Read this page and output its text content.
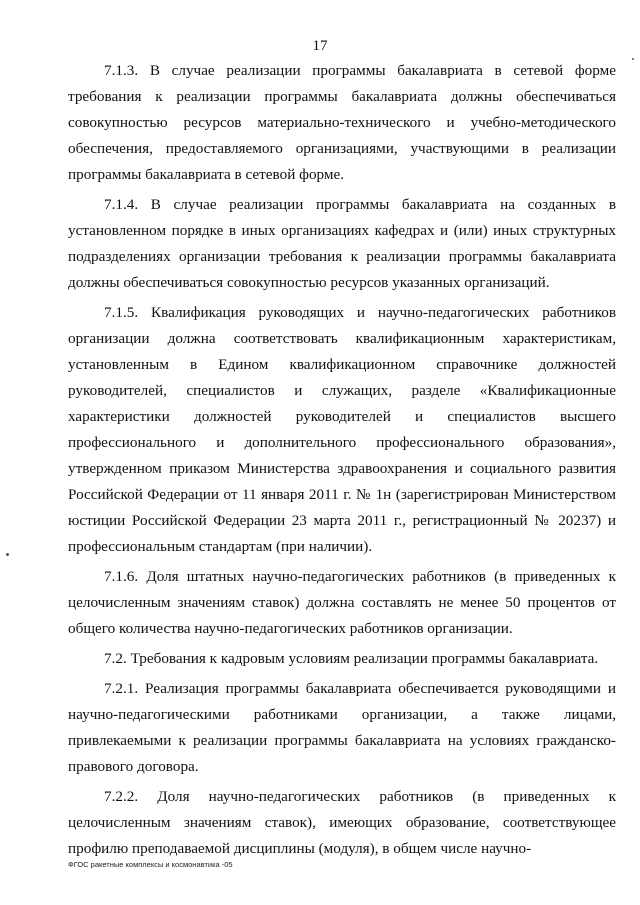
17

7.1.3. В случае реализации программы бакалавриата в сетевой форме требования к реализации программы бакалавриата должны обеспечиваться совокупностью ресурсов материально-технического и учебно-методического обеспечения, предоставляемого организациями, участвующими в реализации программы бакалавриата в сетевой форме.

7.1.4. В случае реализации программы бакалавриата на созданных в установленном порядке в иных организациях кафедрах и (или) иных структурных подразделениях организации требования к реализации программы бакалавриата должны обеспечиваться совокупностью ресурсов указанных организаций.

7.1.5. Квалификация руководящих и научно-педагогических работников организации должна соответствовать квалификационным характеристикам, установленным в Едином квалификационном справочнике должностей руководителей, специалистов и служащих, разделе «Квалификационные характеристики должностей руководителей и специалистов высшего профессионального и дополнительного профессионального образования», утвержденном приказом Министерства здравоохранения и социального развития Российской Федерации от 11 января 2011 г. № 1н (зарегистрирован Министерством юстиции Российской Федерации 23 марта 2011 г., регистрационный № 20237) и профессиональным стандартам (при наличии).

7.1.6. Доля штатных научно-педагогических работников (в приведенных к целочисленным значениям ставок) должна составлять не менее 50 процентов от общего количества научно-педагогических работников организации.

7.2. Требования к кадровым условиям реализации программы бакалавриата.

7.2.1. Реализация программы бакалавриата обеспечивается руководящими и научно-педагогическими работниками организации, а также лицами, привлекаемыми к реализации программы бакалавриата на условиях гражданско-правового договора.

7.2.2. Доля научно-педагогических работников (в приведенных к целочисленным значениям ставок), имеющих образование, соответствующее профилю преподаваемой дисциплины (модуля), в общем числе научно-

ФГОС ракетные комплексы и космонавтика -05
